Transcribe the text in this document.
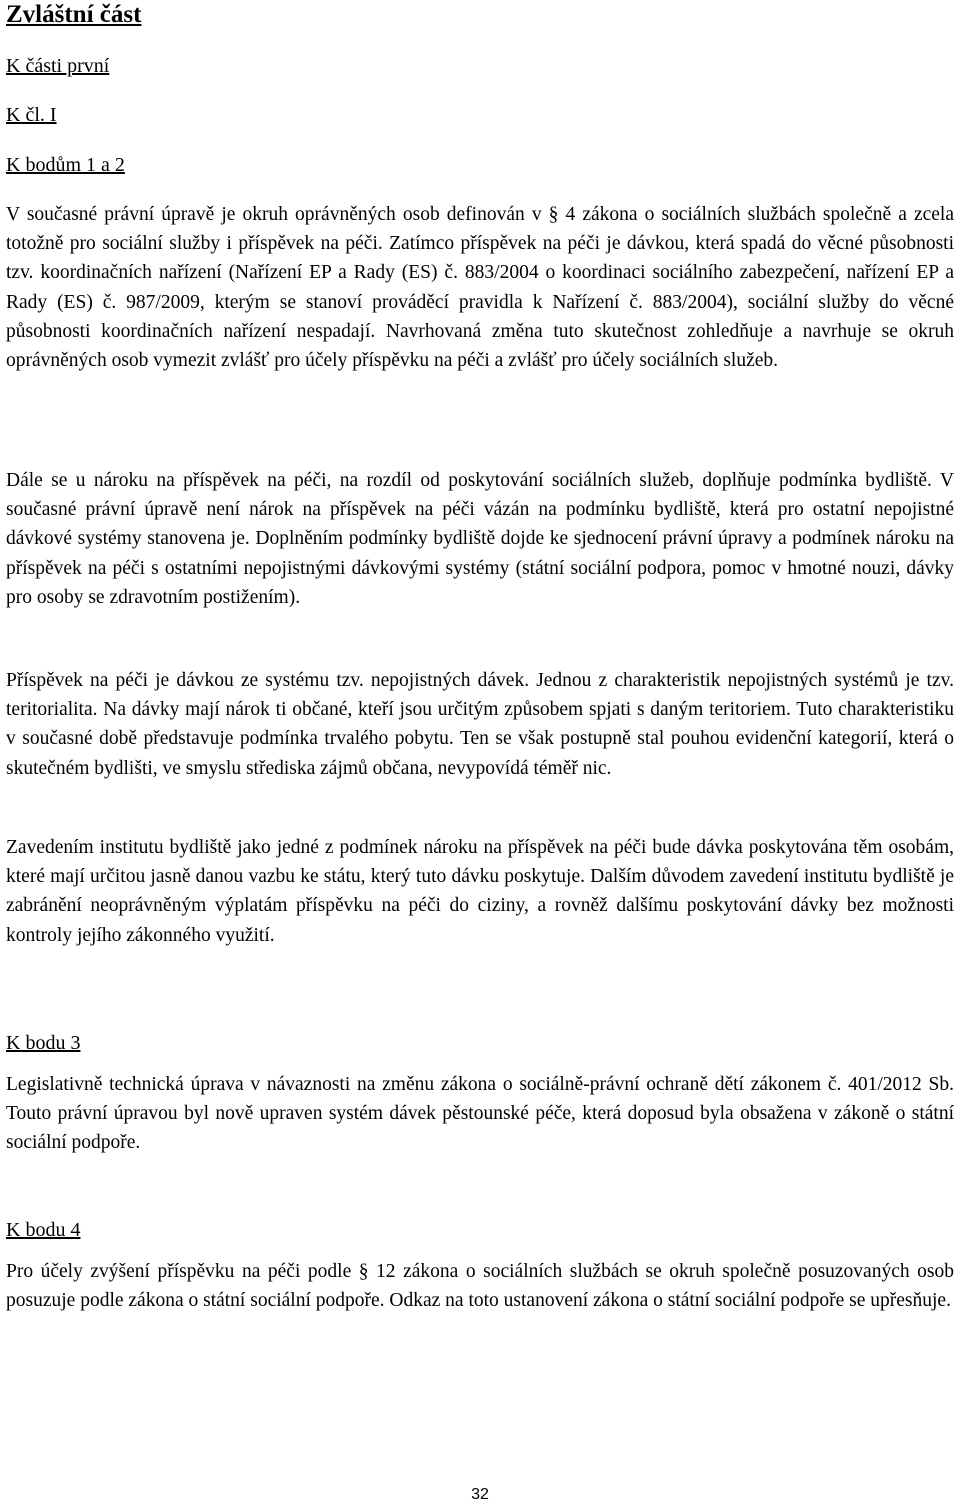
Zvláštní část
K části první
K čl. I
K bodům 1 a 2

V současné právní úpravě je okruh oprávněných osob definován v § 4 zákona o sociálních službách společně a zcela totožně pro sociální služby i příspěvek na péči. Zatímco příspěvek na péči je dávkou, která spadá do věcné působnosti tzv. koordinačních nařízení (Nařízení EP a Rady (ES) č. 883/2004 o koordinaci sociálního zabezpečení, nařízení EP a Rady (ES) č. 987/2009, kterým se stanoví prováděcí pravidla k Nařízení č. 883/2004), sociální služby do věcné působnosti koordinačních nařízení nespadají. Navrhovaná změna tuto skutečnost zohledňuje a navrhuje se okruh oprávněných osob vymezit zvlášť pro účely příspěvku na péči a zvlášť pro účely sociálních služeb.

Dále se u nároku na příspěvek na péči, na rozdíl od poskytování sociálních služeb, doplňuje podmínka bydliště. V současné právní úpravě není nárok na příspěvek na péči vázán na podmínku bydliště, která pro ostatní nepojistné dávkové systémy stanovena je. Doplněním podmínky bydliště dojde ke sjednocení právní úpravy a podmínek nároku na příspěvek na péči s ostatními nepojistnými dávkovými systémy (státní sociální podpora, pomoc v hmotné nouzi, dávky pro osoby se zdravotním postižením).

Příspěvek na péči je dávkou ze systému tzv. nepojistných dávek. Jednou z charakteristik nepojistných systémů je tzv. teritorialita. Na dávky mají nárok ti občané, kteří jsou určitým způsobem spjati s daným teritoriem. Tuto charakteristiku v současné době představuje podmínka trvalého pobytu. Ten se však postupně stal pouhou evidenční kategorií, která o skutečném bydlišti, ve smyslu střediska zájmů občana, nevypovídá téměř nic.

Zavedením institutu bydliště jako jedné z podmínek nároku na příspěvek na péči bude dávka poskytována těm osobám, které mají určitou jasně danou vazbu ke státu, který tuto dávku poskytuje. Dalším důvodem zavedení institutu bydliště je zabránění neoprávněným výplatám příspěvku na péči do ciziny, a rovněž dalšímu poskytování dávky bez možnosti kontroly jejího zákonného využití.

K bodu 3

Legislativně technická úprava v návaznosti na změnu zákona o sociálně-právní ochraně dětí zákonem č. 401/2012 Sb. Touto právní úpravou byl nově upraven systém dávek pěstounské péče, která doposud byla obsažena v zákoně o státní sociální podpoře.

K bodu 4

Pro účely zvýšení příspěvku na péči podle § 12 zákona o sociálních službách se okruh společně posuzovaných osob posuzuje podle zákona o státní sociální podpoře. Odkaz na toto ustanovení zákona o státní sociální podpoře se upřesňuje.

32
